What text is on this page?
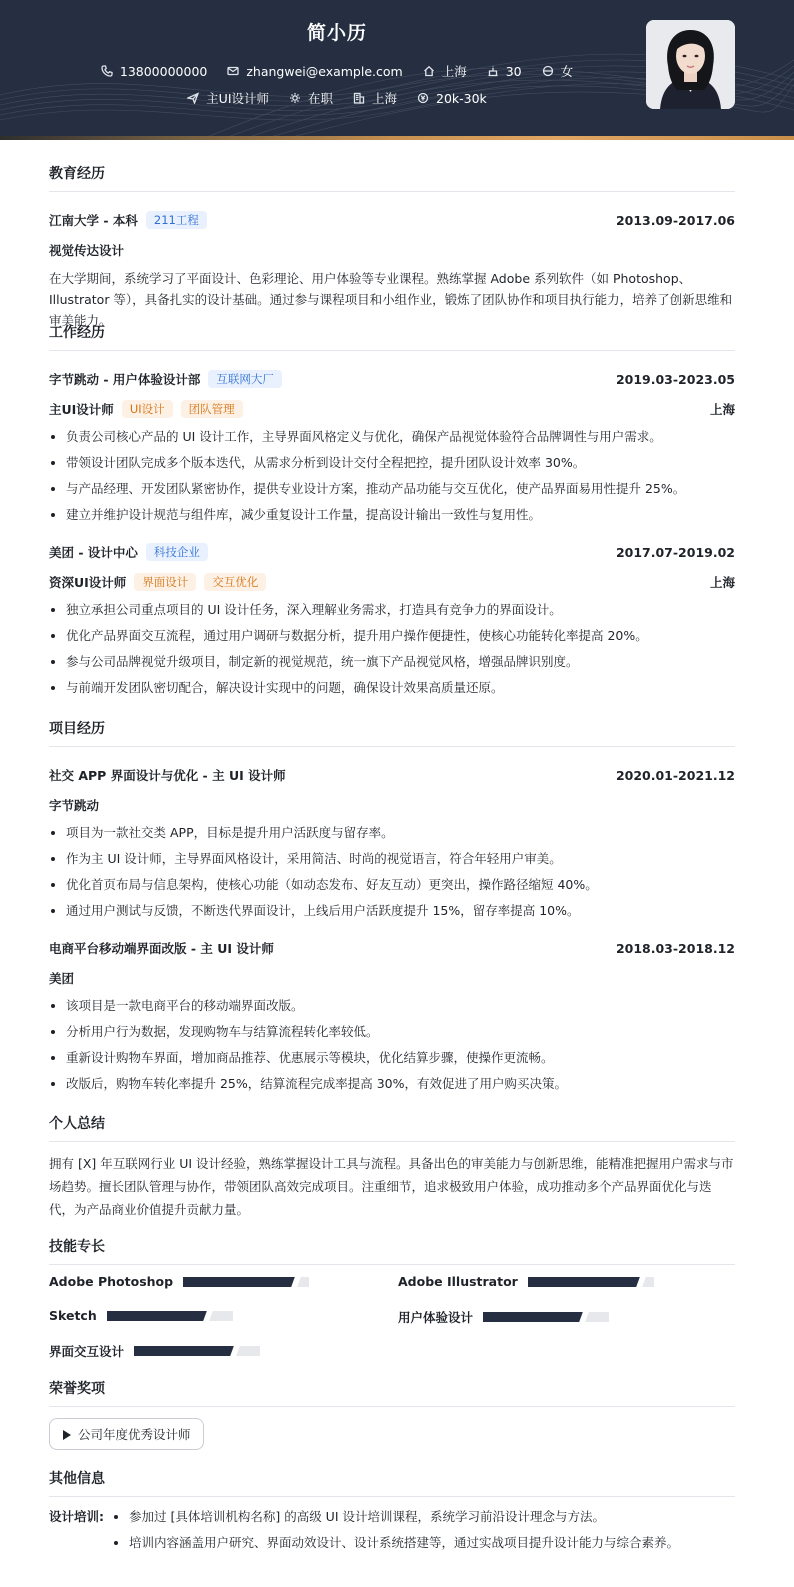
简小历
13800000000
	zhangwei@example.com
	上海
	30
	女
主UI设计师
	在职
	上海
	20k-30k
教育经历
江南大学 - 本科	211工程	2013.09-2017.06
视觉传达设计
在大学期间，系统学习了平面设计、色彩理论、用户体验等专业课程。熟练掌握 Adobe 系列软件（如 Photoshop、Illustrator 等），具备扎实的设计基础。通过参与课程项目和小组作业，锻炼了团队协作和项目执行能力，培养了创新思维和审美能力。
工作经历
字节跳动 - 用户体验设计部	互联网大厂	2019.03-2023.05
主UI设计师	UI设计	团队管理	上海
负责公司核心产品的 UI 设计工作，主导界面风格定义与优化，确保产品视觉体验符合品牌调性与用户需求。
带领设计团队完成多个版本迭代，从需求分析到设计交付全程把控，提升团队设计效率 30%。
与产品经理、开发团队紧密协作，提供专业设计方案，推动产品功能与交互优化，使产品界面易用性提升 25%。
建立并维护设计规范与组件库，减少重复设计工作量，提高设计输出一致性与复用性。
美团 - 设计中心	科技企业	2017.07-2019.02
资深UI设计师	界面设计	交互优化	上海
独立承担公司重点项目的 UI 设计任务，深入理解业务需求，打造具有竞争力的界面设计。
优化产品界面交互流程，通过用户调研与数据分析，提升用户操作便捷性，使核心功能转化率提高 20%。
参与公司品牌视觉升级项目，制定新的视觉规范，统一旗下产品视觉风格，增强品牌识别度。
与前端开发团队密切配合，解决设计实现中的问题，确保设计效果高质量还原。
项目经历
社交 APP 界面设计与优化 - 主 UI 设计师	2020.01-2021.12
字节跳动
项目为一款社交类 APP，目标是提升用户活跃度与留存率。
作为主 UI 设计师，主导界面风格设计，采用简洁、时尚的视觉语言，符合年轻用户审美。
优化首页布局与信息架构，使核心功能（如动态发布、好友互动）更突出，操作路径缩短 40%。
通过用户测试与反馈，不断迭代界面设计，上线后用户活跃度提升 15%，留存率提高 10%。
电商平台移动端界面改版 - 主 UI 设计师	2018.03-2018.12
美团
该项目是一款电商平台的移动端界面改版。
分析用户行为数据，发现购物车与结算流程转化率较低。
重新设计购物车界面，增加商品推荐、优惠展示等模块，优化结算步骤，使操作更流畅。
改版后，购物车转化率提升 25%，结算流程完成率提高 30%，有效促进了用户购买决策。
个人总结
拥有 [X] 年互联网行业 UI 设计经验，熟练掌握设计工具与流程。具备出色的审美能力与创新思维，能精准把握用户需求与市场趋势。擅长团队管理与协作，带领团队高效完成项目。注重细节，追求极致用户体验，成功推动多个产品界面优化与迭代，为产品商业价值提升贡献力量。
技能专长
Adobe Photoshop	Adobe Illustrator
Sketch	用户体验设计
界面交互设计
荣誉奖项
公司年度优秀设计师
其他信息
设计培训:	参加过 [具体培训机构名称] 的高级 UI 设计培训课程，系统学习前沿设计理念与方法。
培训内容涵盖用户研究、界面动效设计、设计系统搭建等，通过实战项目提升设计能力与综合素养。
